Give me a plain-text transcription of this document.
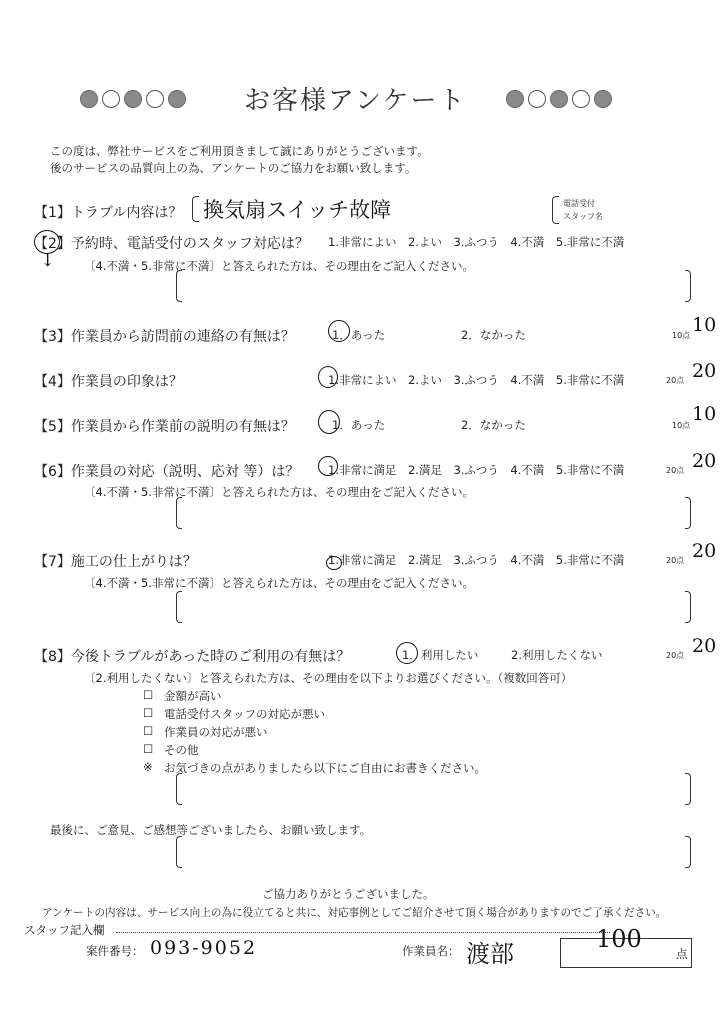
お客様アンケート
この度は、弊社サービスをご利用頂きまして誠にありがとうございます。
後のサービスの品質向上の為、アンケートのご協力をお願い致します。
【1】トラブル内容は？ 換気扇スイッチ故障	電話受付
スタッフ名
↓
【2】予約時、電話受付のスタッフ対応は？ 1.非常によい　2.よい　3.ふつう　4.不満　5.非常に不満
〔4.不満・5.非常に不満〕と答えられた方は、その理由をご記入ください。
【3】作業員から訪問前の連絡の有無は？	1．あった	2．なかった	10点 10
【4】作業員の印象は？	1.非常によい　2.よい　3.ふつう　4.不満　5.非常に不満	20点 20
【5】作業員から作業前の説明の有無は？	1．あった	2．なかった	10点
10
【6】作業員の対応（説明、応対 等）は？ 1.非常に満足　2.満足　3.ふつう　4.不満　5.非常に不満	20点 20
〔4.不満・5.非常に不満〕と答えられた方は、その理由をご記入ください。
【7】施工の仕上がりは？	1.非常に満足　2.満足　3.ふつう　4.不満　5.非常に不満	20点 20
〔4.不満・5.非常に不満〕と答えられた方は、その理由をご記入ください。
【8】今後トラブルがあった時のご利用の有無は？	1．利用したい	2.利用したくない	20点 20
〔2.利用したくない〕と答えられた方は、その理由を以下よりお選びください。（複数回答可）
☐ 金額が高い
☐ 電話受付スタッフの対応が悪い
☐ 作業員の対応が悪い
☐ その他
※ お気づきの点がありましたら以下にご自由にお書きください。
最後に、ご意見、ご感想等ございましたら、お願い致します。
ご協力ありがとうございました。
アンケートの内容は、サービス向上の為に役立てると共に、対応事例としてご紹介させて頂く場合がありますのでご了承ください。
スタッフ記入欄
案件番号： 093-9052	作業員名： 渡部
100
点
